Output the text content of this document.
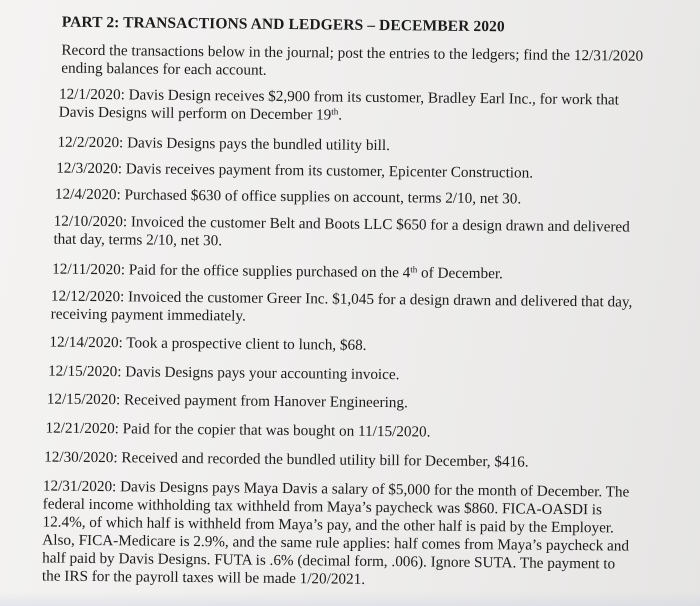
PART 2: TRANSACTIONS AND LEDGERS – DECEMBER 2020
Record the transactions below in the journal; post the entries to the ledgers; find the 12/31/2020
ending balances for each account.
12/1/2020: Davis Design receives $2,900 from its customer, Bradley Earl Inc., for work that
Davis Designs will perform on December 19th.
12/2/2020: Davis Designs pays the bundled utility bill.
12/3/2020: Davis receives payment from its customer, Epicenter Construction.
12/4/2020: Purchased $630 of office supplies on account, terms 2/10, net 30.
12/10/2020: Invoiced the customer Belt and Boots LLC $650 for a design drawn and delivered
that day, terms 2/10, net 30.
12/11/2020: Paid for the office supplies purchased on the 4th of December.
12/12/2020: Invoiced the customer Greer Inc. $1,045 for a design drawn and delivered that day,
receiving payment immediately.
12/14/2020: Took a prospective client to lunch, $68.
12/15/2020: Davis Designs pays your accounting invoice.
12/15/2020: Received payment from Hanover Engineering.
12/21/2020: Paid for the copier that was bought on 11/15/2020.
12/30/2020: Received and recorded the bundled utility bill for December, $416.
12/31/2020: Davis Designs pays Maya Davis a salary of $5,000 for the month of December. The
federal income withholding tax withheld from Maya’s paycheck was $860. FICA-OASDI is
12.4%, of which half is withheld from Maya’s pay, and the other half is paid by the Employer.
Also, FICA-Medicare is 2.9%, and the same rule applies: half comes from Maya’s paycheck and
half paid by Davis Designs. FUTA is .6% (decimal form, .006). Ignore SUTA. The payment to
the IRS for the payroll taxes will be made 1/20/2021.
